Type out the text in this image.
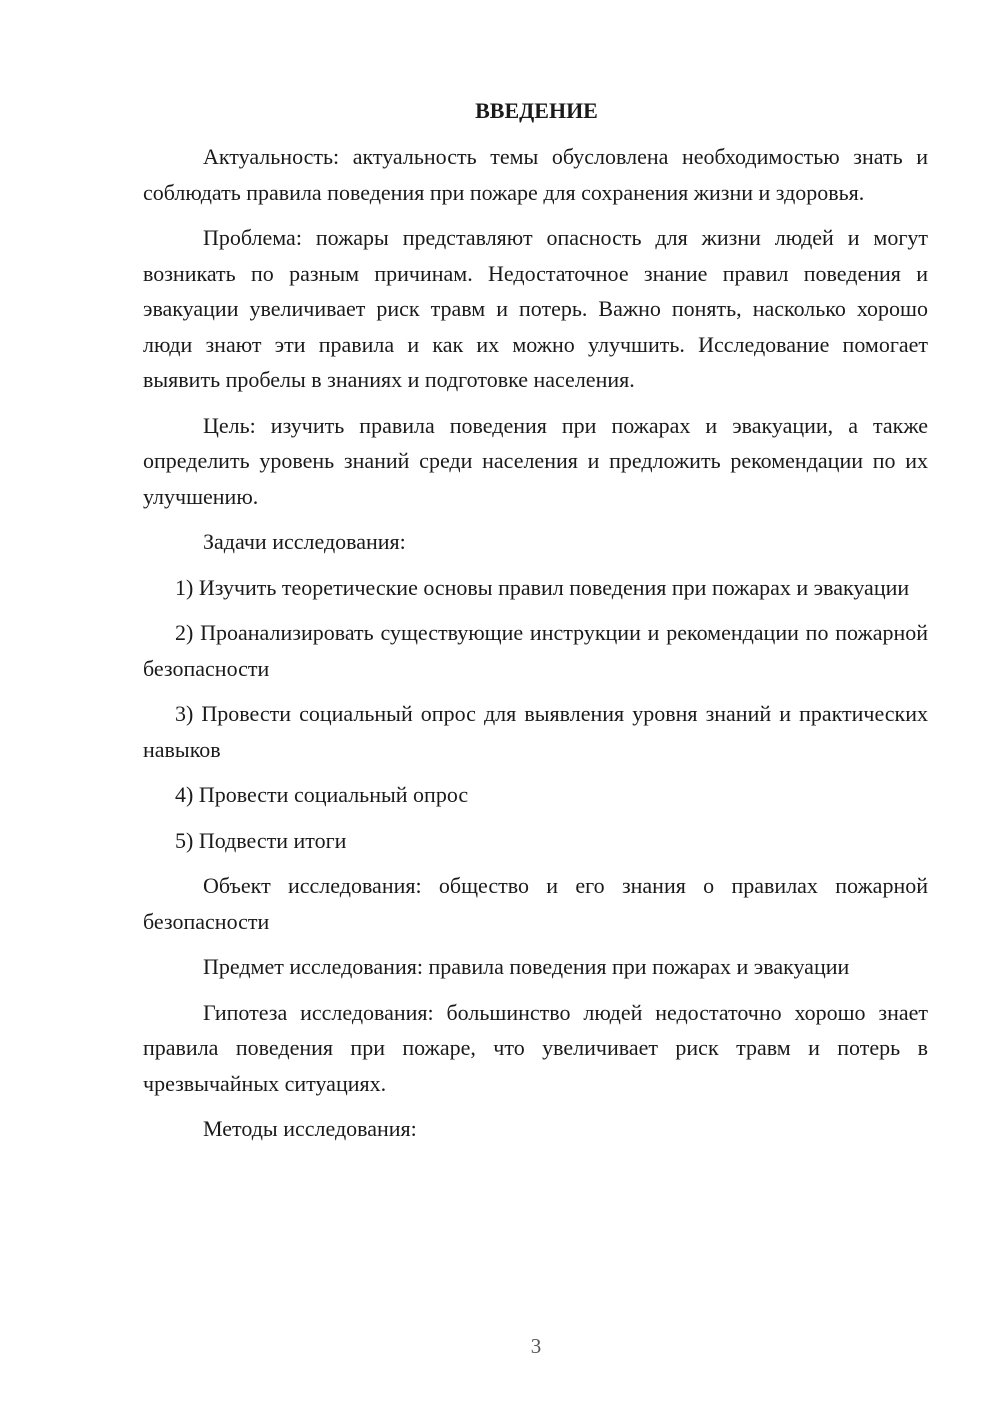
ВВЕДЕНИЕ

Актуальность: актуальность темы обусловлена необходимостью знать и соблюдать правила поведения при пожаре для сохранения жизни и здоровья.

Проблема: пожары представляют опасность для жизни людей и могут возникать по разным причинам. Недостаточное знание правил поведения и эвакуации увеличивает риск травм и потерь. Важно понять, насколько хорошо люди знают эти правила и как их можно улучшить. Исследование помогает выявить пробелы в знаниях и подготовке населения.

Цель: изучить правила поведения при пожарах и эвакуации, а также определить уровень знаний среди населения и предложить рекомендации по их улучшению.

Задачи исследования:

1) Изучить теоретические основы правил поведения при пожарах и эвакуации

2) Проанализировать существующие инструкции и рекомендации по пожарной безопасности

3) Провести социальный опрос для выявления уровня знаний и практических навыков

4) Провести социальный опрос

5) Подвести итоги

Объект исследования: общество и его знания о правилах пожарной безопасности

Предмет исследования: правила поведения при пожарах и эвакуации

Гипотеза исследования: большинство людей недостаточно хорошо знает правила поведения при пожаре, что увеличивает риск травм и потерь в чрезвычайных ситуациях.

Методы исследования:

3
